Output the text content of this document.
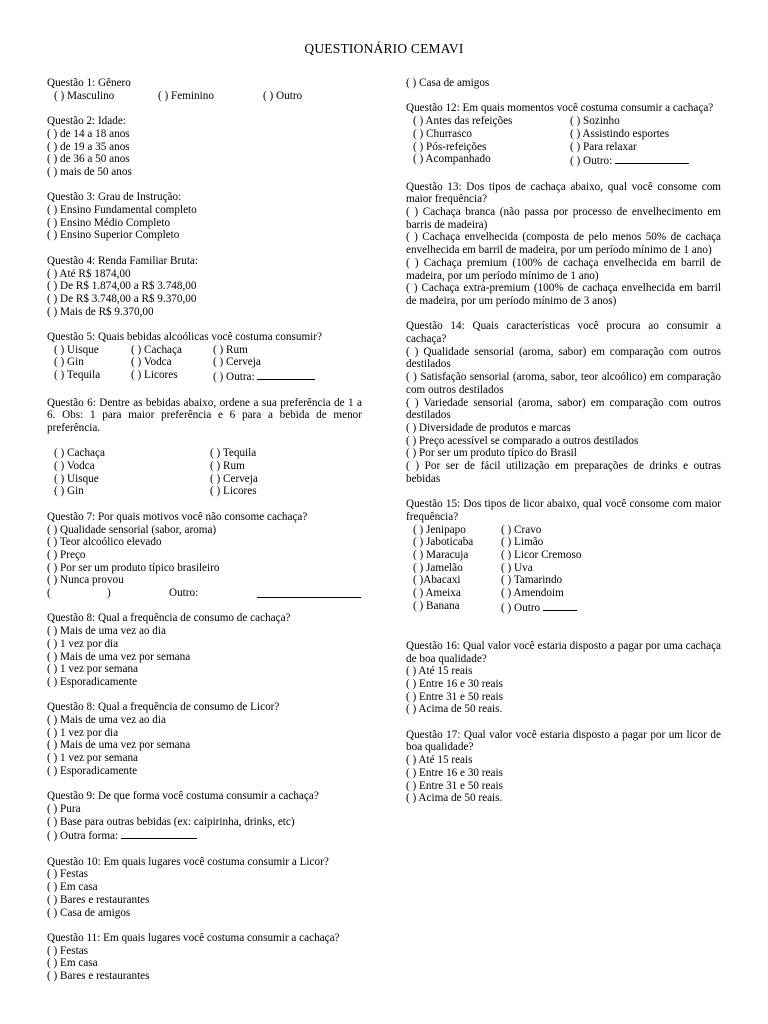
QUESTIONÁRIO CEMAVI
Questão 1: Gênero
( ) Masculino	( ) Feminino	( ) Outro
Questão 2: Idade:
( ) de 14 a 18 anos
( ) de 19 a 35 anos
( ) de 36 a 50 anos
( ) mais de 50 anos
Questão 3: Grau de Instrução:
( ) Ensino Fundamental completo
( ) Ensino Médio Completo
( ) Ensino Superior Completo
Questão 4: Renda Familiar Bruta:
( ) Até R$ 1874,00
( ) De R$ 1.874,00 a R$ 3.748,00
( ) De R$ 3.748,00 a R$ 9.370,00
( ) Mais de R$ 9.370,00
Questão 5: Quais bebidas alcoólicas você costuma consumir?
( ) Uisque	( ) Cachaça	( ) Rum
( ) Gin	( ) Vodca	( ) Cerveja
( ) Tequila	( ) Licores	( ) Outra:
Questão 6: Dentre as bebidas abaixo, ordene a sua preferência de 1 a 6. Obs: 1 para maior preferência e 6 para a bebida de menor preferência.
( ) Cachaça	( ) Tequila
( ) Vodca	( ) Rum
( ) Uisque	( ) Cerveja
( ) Gin	( ) Licores
Questão 7: Por quais motivos você não consome cachaça?
( ) Qualidade sensorial (sabor, aroma)
( ) Teor alcoólico elevado
( ) Preço
( ) Por ser um produto típico brasileiro
( ) Nunca provou
(	)	Outro:
Questão 8: Qual a frequência de consumo de cachaça?
( ) Mais de uma vez ao dia
( ) 1 vez por dia
( ) Mais de uma vez por semana
( ) 1 vez por semana
( ) Esporadicamente
Questão 8: Qual a frequência de consumo de Licor?
( ) Mais de uma vez ao dia
( ) 1 vez por dia
( ) Mais de uma vez por semana
( ) 1 vez por semana
( ) Esporadicamente
Questão 9: De que forma você costuma consumir a cachaça?
( ) Pura
( ) Base para outras bebidas (ex: caipirinha, drinks, etc)
( ) Outra forma:
Questão 10: Em quais lugares você costuma consumir a Licor?
( ) Festas
( ) Em casa
( ) Bares e restaurantes
( ) Casa de amigos
Questão 11: Em quais lugares você costuma consumir a cachaça?
( ) Festas
( ) Em casa
( ) Bares e restaurantes
( ) Casa de amigos
Questão 12: Em quais momentos você costuma consumir a cachaça?
( ) Antes das refeições	( ) Sozinho
( ) Churrasco	( ) Assistindo esportes
( ) Pós-refeições	( ) Para relaxar
( ) Acompanhado	( ) Outro:
Questão 13: Dos tipos de cachaça abaixo, qual você consome com maior frequência?
( ) Cachaça branca (não passa por processo de envelhecimento em barris de madeira)
( ) Cachaça envelhecida (composta de pelo menos 50% de cachaça envelhecida em barril de madeira, por um período mínimo de 1 ano)
( ) Cachaça premium (100% de cachaça envelhecida em barril de madeira, por um período mínimo de 1 ano)
( ) Cachaça extra-premium (100% de cachaça envelhecida em barril de madeira, por um período mínimo de 3 anos)
Questão 14: Quais características você procura ao consumir a cachaça?
( ) Qualidade sensorial (aroma, sabor) em comparação com outros destilados
( ) Satisfação sensorial (aroma, sabor, teor alcoólico) em comparação com outros destilados
( ) Variedade sensorial (aroma, sabor) em comparação com outros destilados
( ) Diversidade de produtos e marcas
( ) Preço acessível se comparado a outros destilados
( ) Por ser um produto típico do Brasil
( ) Por ser de fácil utilização em preparações de drinks e outras bebidas
Questão 15: Dos tipos de licor abaixo, qual você consome com maior frequência?
( ) Jenipapo	( ) Cravo
( ) Jaboticaba	( ) Limão
( ) Maracuja	( ) Licor Cremoso
( ) Jamelão	( ) Uva
( )Abacaxi	( ) Tamarindo
( ) Ameixa	( ) Amendoim
( ) Banana	( ) Outro
Questão 16: Qual valor você estaria disposto a pagar por uma cachaça de boa qualidade?
( ) Até 15 reais
( ) Entre 16 e 30 reais
( ) Entre 31 e 50 reais
( ) Acima de 50 reais.
Questão 17: Qual valor você estaria disposto a pagar por um licor de boa qualidade?
( ) Até 15 reais
( ) Entre 16 e 30 reais
( ) Entre 31 e 50 reais
( ) Acima de 50 reais.
